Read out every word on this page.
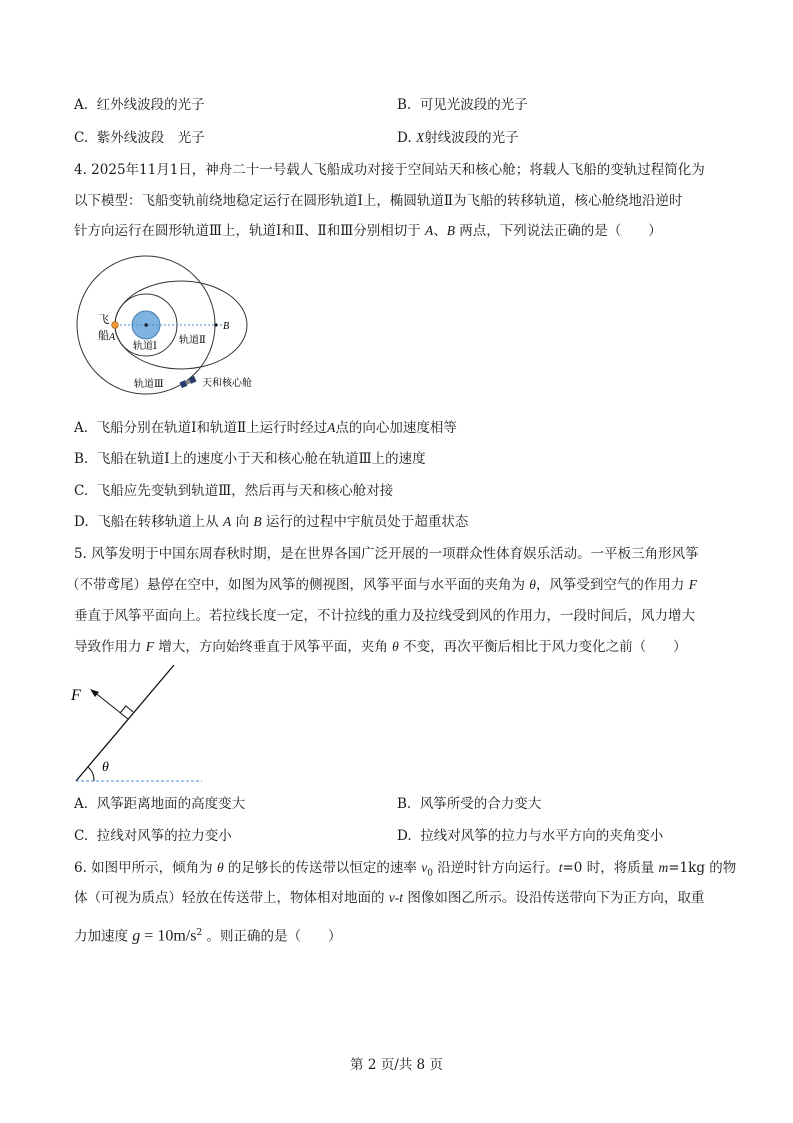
A. 红外线波段的光子	B. 可见光波段的光子
C. 紫外线波段　光子	D. X射线波段的光子
4. 2025年11月1日，神舟二十一号载人飞船成功对接于空间站天和核心舱；将载人飞船的变轨过程简化为
以下模型：飞船变轨前绕地稳定运行在圆形轨道Ⅰ上，椭圆轨道Ⅱ为飞船的转移轨道，核心舱绕地沿逆时
针方向运行在圆形轨道Ⅲ上，轨道Ⅰ和Ⅱ、Ⅱ和Ⅲ分别相切于 A、B 两点，下列说法正确的是（　　）
飞
船 A
B
轨道Ⅰ
轨道Ⅱ
轨道Ⅲ	天和核心舱
A. 飞船分别在轨道Ⅰ和轨道Ⅱ上运行时经过A点的向心加速度相等
B. 飞船在轨道Ⅰ上的速度小于天和核心舱在轨道Ⅲ上的速度
C. 飞船应先变轨到轨道Ⅲ，然后再与天和核心舱对接
D. 飞船在转移轨道上从 A 向 B 运行的过程中宇航员处于超重状态
5. 风筝发明于中国东周春秋时期，是在世界各国广泛开展的一项群众性体育娱乐活动。一平板三角形风筝
（不带鸢尾）悬停在空中，如图为风筝的侧视图，风筝平面与水平面的夹角为 θ，风筝受到空气的作用力 F
垂直于风筝平面向上。若拉线长度一定，不计拉线的重力及拉线受到风的作用力，一段时间后，风力增大
导致作用力 F 增大，方向始终垂直于风筝平面，夹角 θ 不变，再次平衡后相比于风力变化之前（　　）
F
θ
A. 风筝距离地面的高度变大	B. 风筝所受的合力变大
C. 拉线对风筝的拉力变小	D. 拉线对风筝的拉力与水平方向的夹角变小
6. 如图甲所示，倾角为 θ 的足够长的传送带以恒定的速率 $v_0$ 沿逆时针方向运行。t=0 时，将质量 m=1kg 的物
体（可视为质点）轻放在传送带上，物体相对地面的 v-t 图像如图乙所示。设沿传送带向下为正方向，取重
力加速度 $g = 10m/s^2$ 。则正确的是（　　）
第 2 页/共 8 页
